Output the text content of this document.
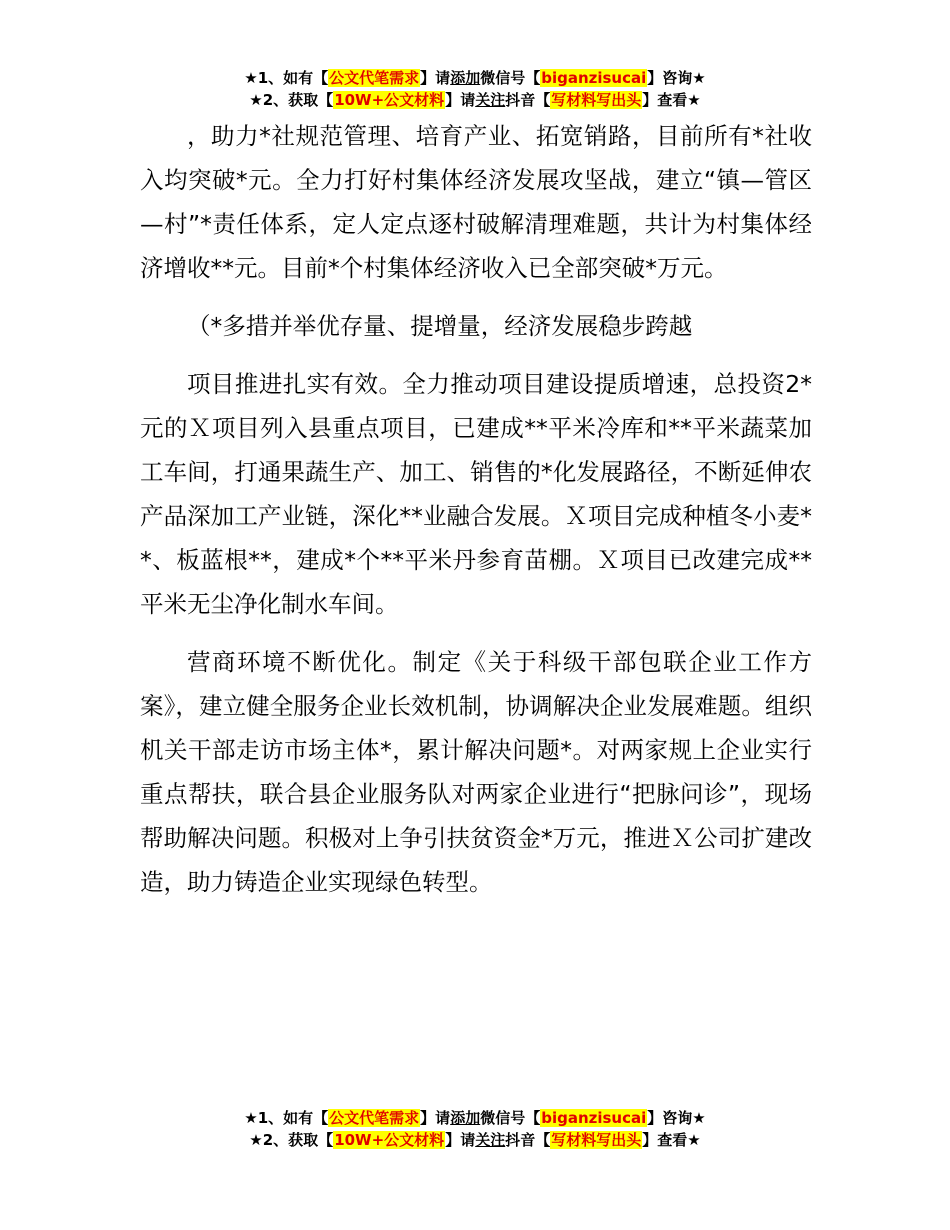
★1、如有【公文代笔需求】请添加微信号【biganzisucai】咨询★
★2、获取【10W+公文材料】请关注抖音【写材料写出头】查看★

，助力*社规范管理、培育产业、拓宽销路，目前所有*社收入均突破*元。全力打好村集体经济发展攻坚战，建立“镇—管区—村”*责任体系，定人定点逐村破解清理难题，共计为村集体经济增收**元。目前*个村集体经济收入已全部突破*万元。

（*多措并举优存量、提增量，经济发展稳步跨越

项目推进扎实有效。全力推动项目建设提质增速，总投资2*元的Ｘ项目列入县重点项目，已建成**平米冷库和**平米蔬菜加工车间，打通果蔬生产、加工、销售的*化发展路径，不断延伸农产品深加工产业链，深化**业融合发展。Ｘ项目完成种植冬小麦**、板蓝根**，建成*个**平米丹参育苗棚。Ｘ项目已改建完成**平米无尘净化制水车间。

营商环境不断优化。制定《关于科级干部包联企业工作方案》，建立健全服务企业长效机制，协调解决企业发展难题。组织机关干部走访市场主体*，累计解决问题*。对两家规上企业实行重点帮扶，联合县企业服务队对两家企业进行“把脉问诊”，现场帮助解决问题。积极对上争引扶贫资金*万元，推进Ｘ公司扩建改造，助力铸造企业实现绿色转型。

★1、如有【公文代笔需求】请添加微信号【biganzisucai】咨询★
★2、获取【10W+公文材料】请关注抖音【写材料写出头】查看★
